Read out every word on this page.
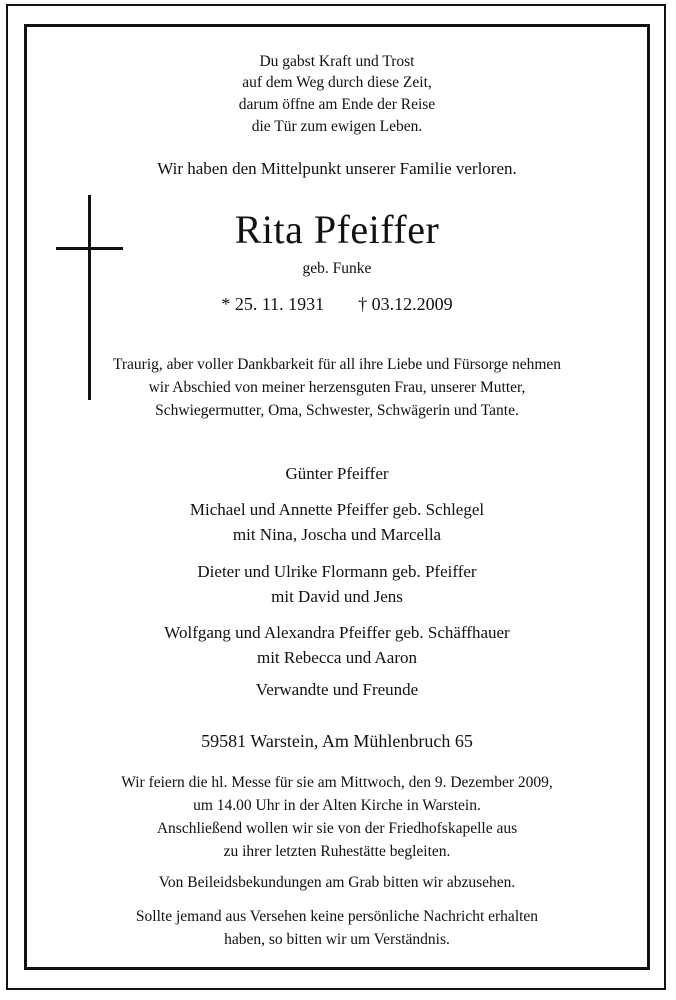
Du gabst Kraft und Trost
auf dem Weg durch diese Zeit,
darum öffne am Ende der Reise
die Tür zum ewigen Leben.
Wir haben den Mittelpunkt unserer Familie verloren.
Rita Pfeiffer
geb. Funke
* 25. 11. 1931 † 03.12.2009
Traurig, aber voller Dankbarkeit für all ihre Liebe und Fürsorge nehmen
wir Abschied von meiner herzensguten Frau, unserer Mutter,
Schwiegermutter, Oma, Schwester, Schwägerin und Tante.
Günter Pfeiffer
Michael und Annette Pfeiffer geb. Schlegel
mit Nina, Joscha und Marcella
Dieter und Ulrike Flormann geb. Pfeiffer
mit David und Jens
Wolfgang und Alexandra Pfeiffer geb. Schäffhauer
mit Rebecca und Aaron
Verwandte und Freunde
59581 Warstein, Am Mühlenbruch 65
Wir feiern die hl. Messe für sie am Mittwoch, den 9. Dezember 2009,
um 14.00 Uhr in der Alten Kirche in Warstein.
Anschließend wollen wir sie von der Friedhofskapelle aus
zu ihrer letzten Ruhestätte begleiten.
Von Beileidsbekundungen am Grab bitten wir abzusehen.
Sollte jemand aus Versehen keine persönliche Nachricht erhalten
haben, so bitten wir um Verständnis.
